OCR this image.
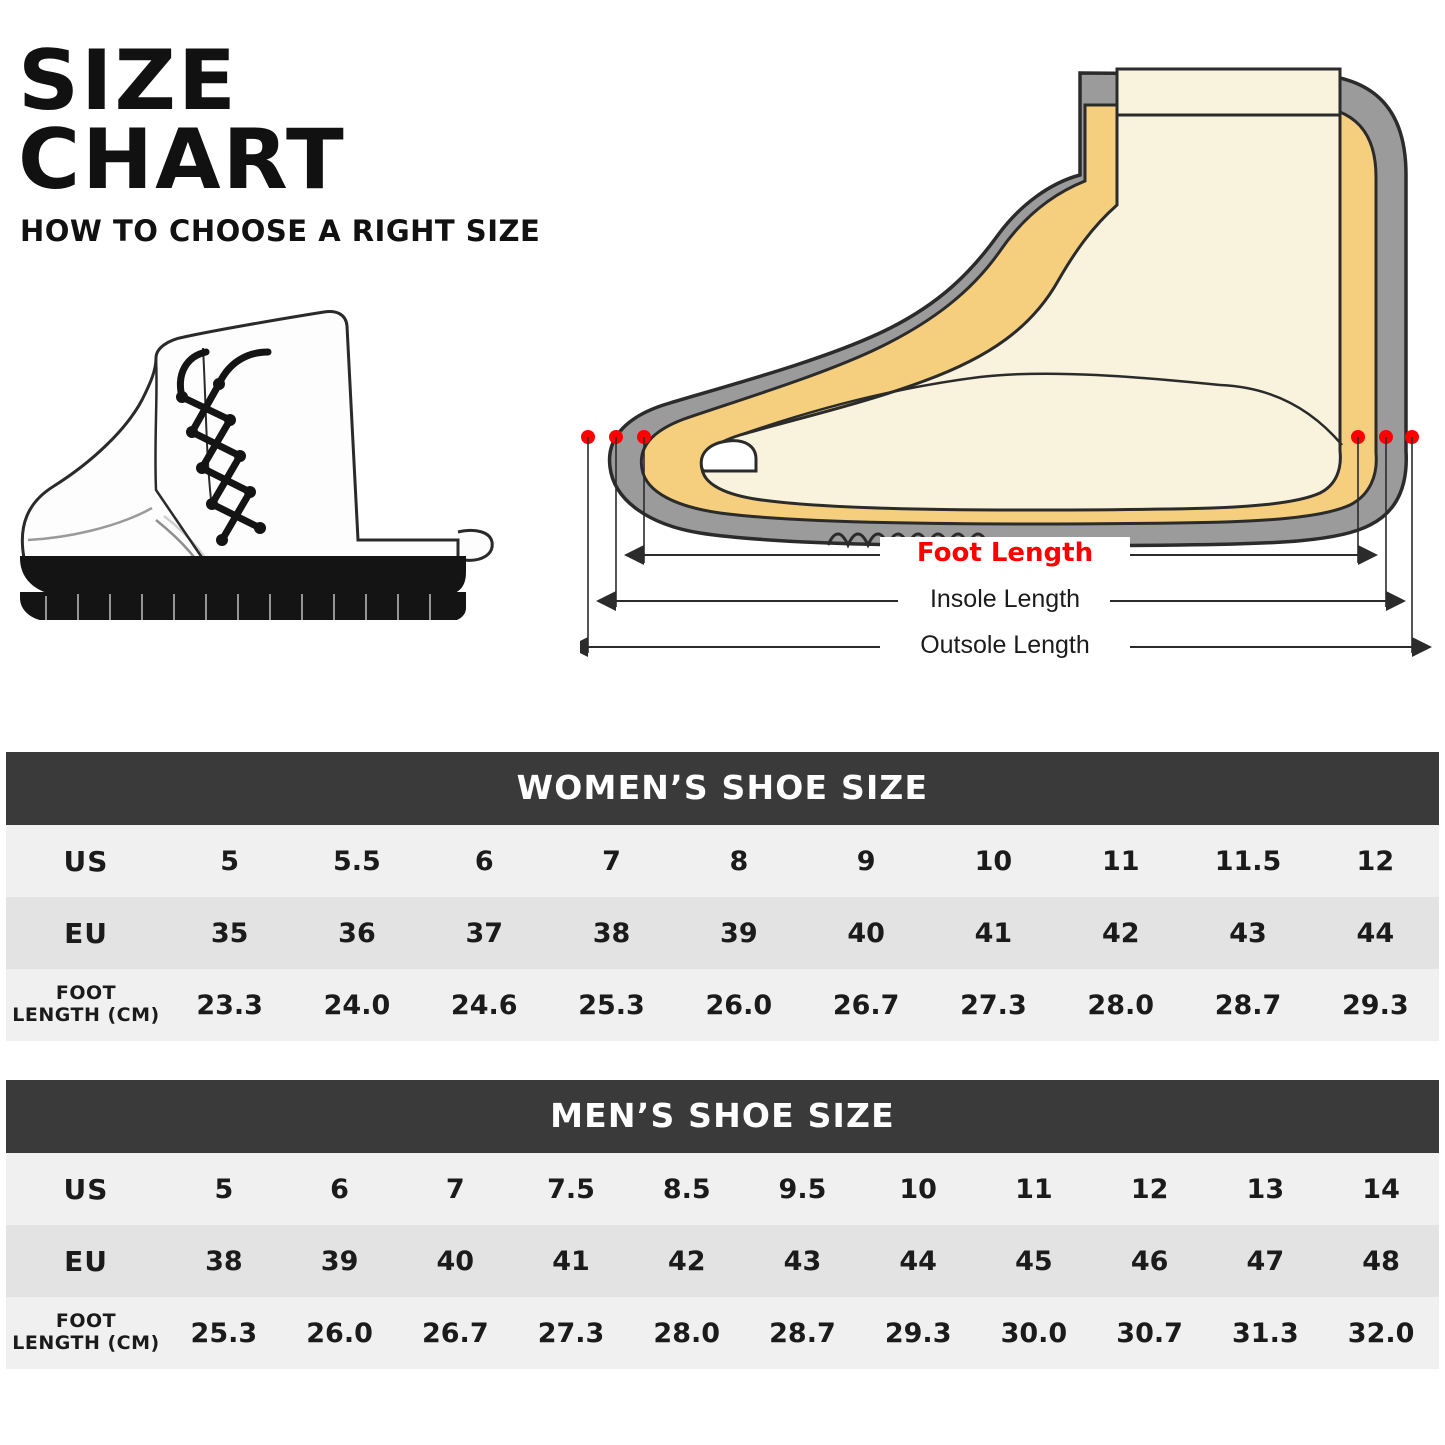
SIZE CHART
HOW TO CHOOSE A RIGHT SIZE
Foot Length
Insole Length
Outsole Length
WOMEN’S SHOE SIZE
US	5	5.5	6	7	8	9	10	11	11.5	12
EU	35	36	37	38	39	40	41	42	43	44

FOOT
LENGTH (CM)	23.3	24.0	24.6	25.3	26.0	26.7	27.3	28.0	28.7	29.3
MEN’S SHOE SIZE
US	5	6	7	7.5	8.5	9.5	10	11	12	13	14
EU	38	39	40	41	42	43	44	45	46	47	48

FOOT
LENGTH (CM)	25.3	26.0	26.7	27.3	28.0	28.7	29.3	30.0	30.7	31.3	32.0
